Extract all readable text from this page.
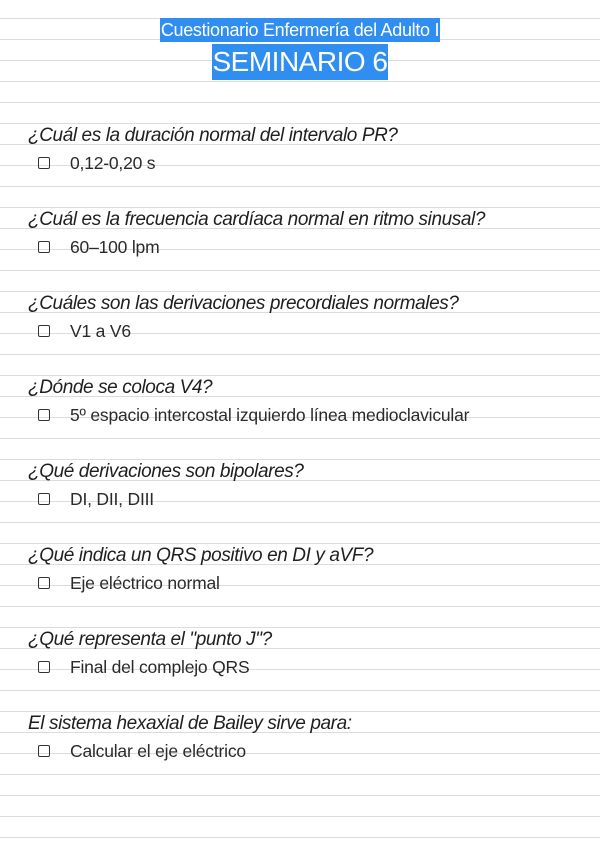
Cuestionario Enfermería del Adulto I
SEMINARIO 6
¿Cuál es la duración normal del intervalo PR?
0,12-0,20 s
¿Cuál es la frecuencia cardíaca normal en ritmo sinusal?
60–100 lpm
¿Cuáles son las derivaciones precordiales normales?
V1 a V6
¿Dónde se coloca V4?
5º espacio intercostal izquierdo línea medioclavicular
¿Qué derivaciones son bipolares?
DI, DII, DIII
¿Qué indica un QRS positivo en DI y aVF?
Eje eléctrico normal
¿Qué representa el "punto J"?
Final del complejo QRS
El sistema hexaxial de Bailey sirve para:
Calcular el eje eléctrico
